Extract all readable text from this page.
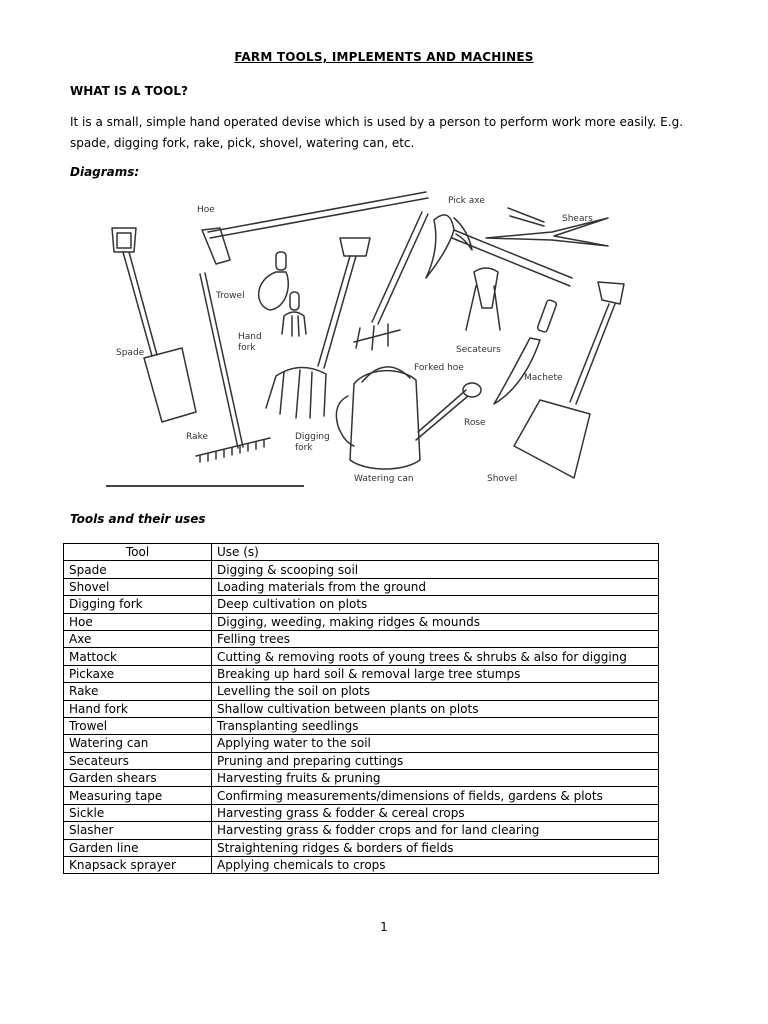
FARM TOOLS, IMPLEMENTS AND MACHINES
WHAT IS A TOOL?
It is a small, simple hand operated devise which is used by a person to perform work more easily. E.g.
spade, digging fork, rake, pick, shovel, watering can, etc.
Diagrams:
Hoe
Pick axe
Shears
Trowel
Hand
fork
Spade	Secateurs
Forked hoe
Machete
Rose
Rake	Digging
fork
Watering can	Shovel
Tools and their uses
Tool	Use (s)
Spade	Digging & scooping soil
Shovel	Loading materials from the ground
Digging fork	Deep cultivation on plots
Hoe	Digging, weeding, making ridges & mounds
Axe	Felling trees
Mattock	Cutting & removing roots of young trees & shrubs & also for digging
Pickaxe	Breaking up hard soil & removal large tree stumps
Rake	Levelling the soil on plots
Hand fork	Shallow cultivation between plants on plots
Trowel	Transplanting seedlings
Watering can	Applying water to the soil
Secateurs	Pruning and preparing cuttings
Garden shears	Harvesting fruits & pruning
Measuring tape	Confirming measurements/dimensions of fields, gardens & plots
Sickle	Harvesting grass & fodder & cereal crops
Slasher	Harvesting grass & fodder crops and for land clearing
Garden line	Straightening ridges & borders of fields
Knapsack sprayer	Applying chemicals to crops
1
